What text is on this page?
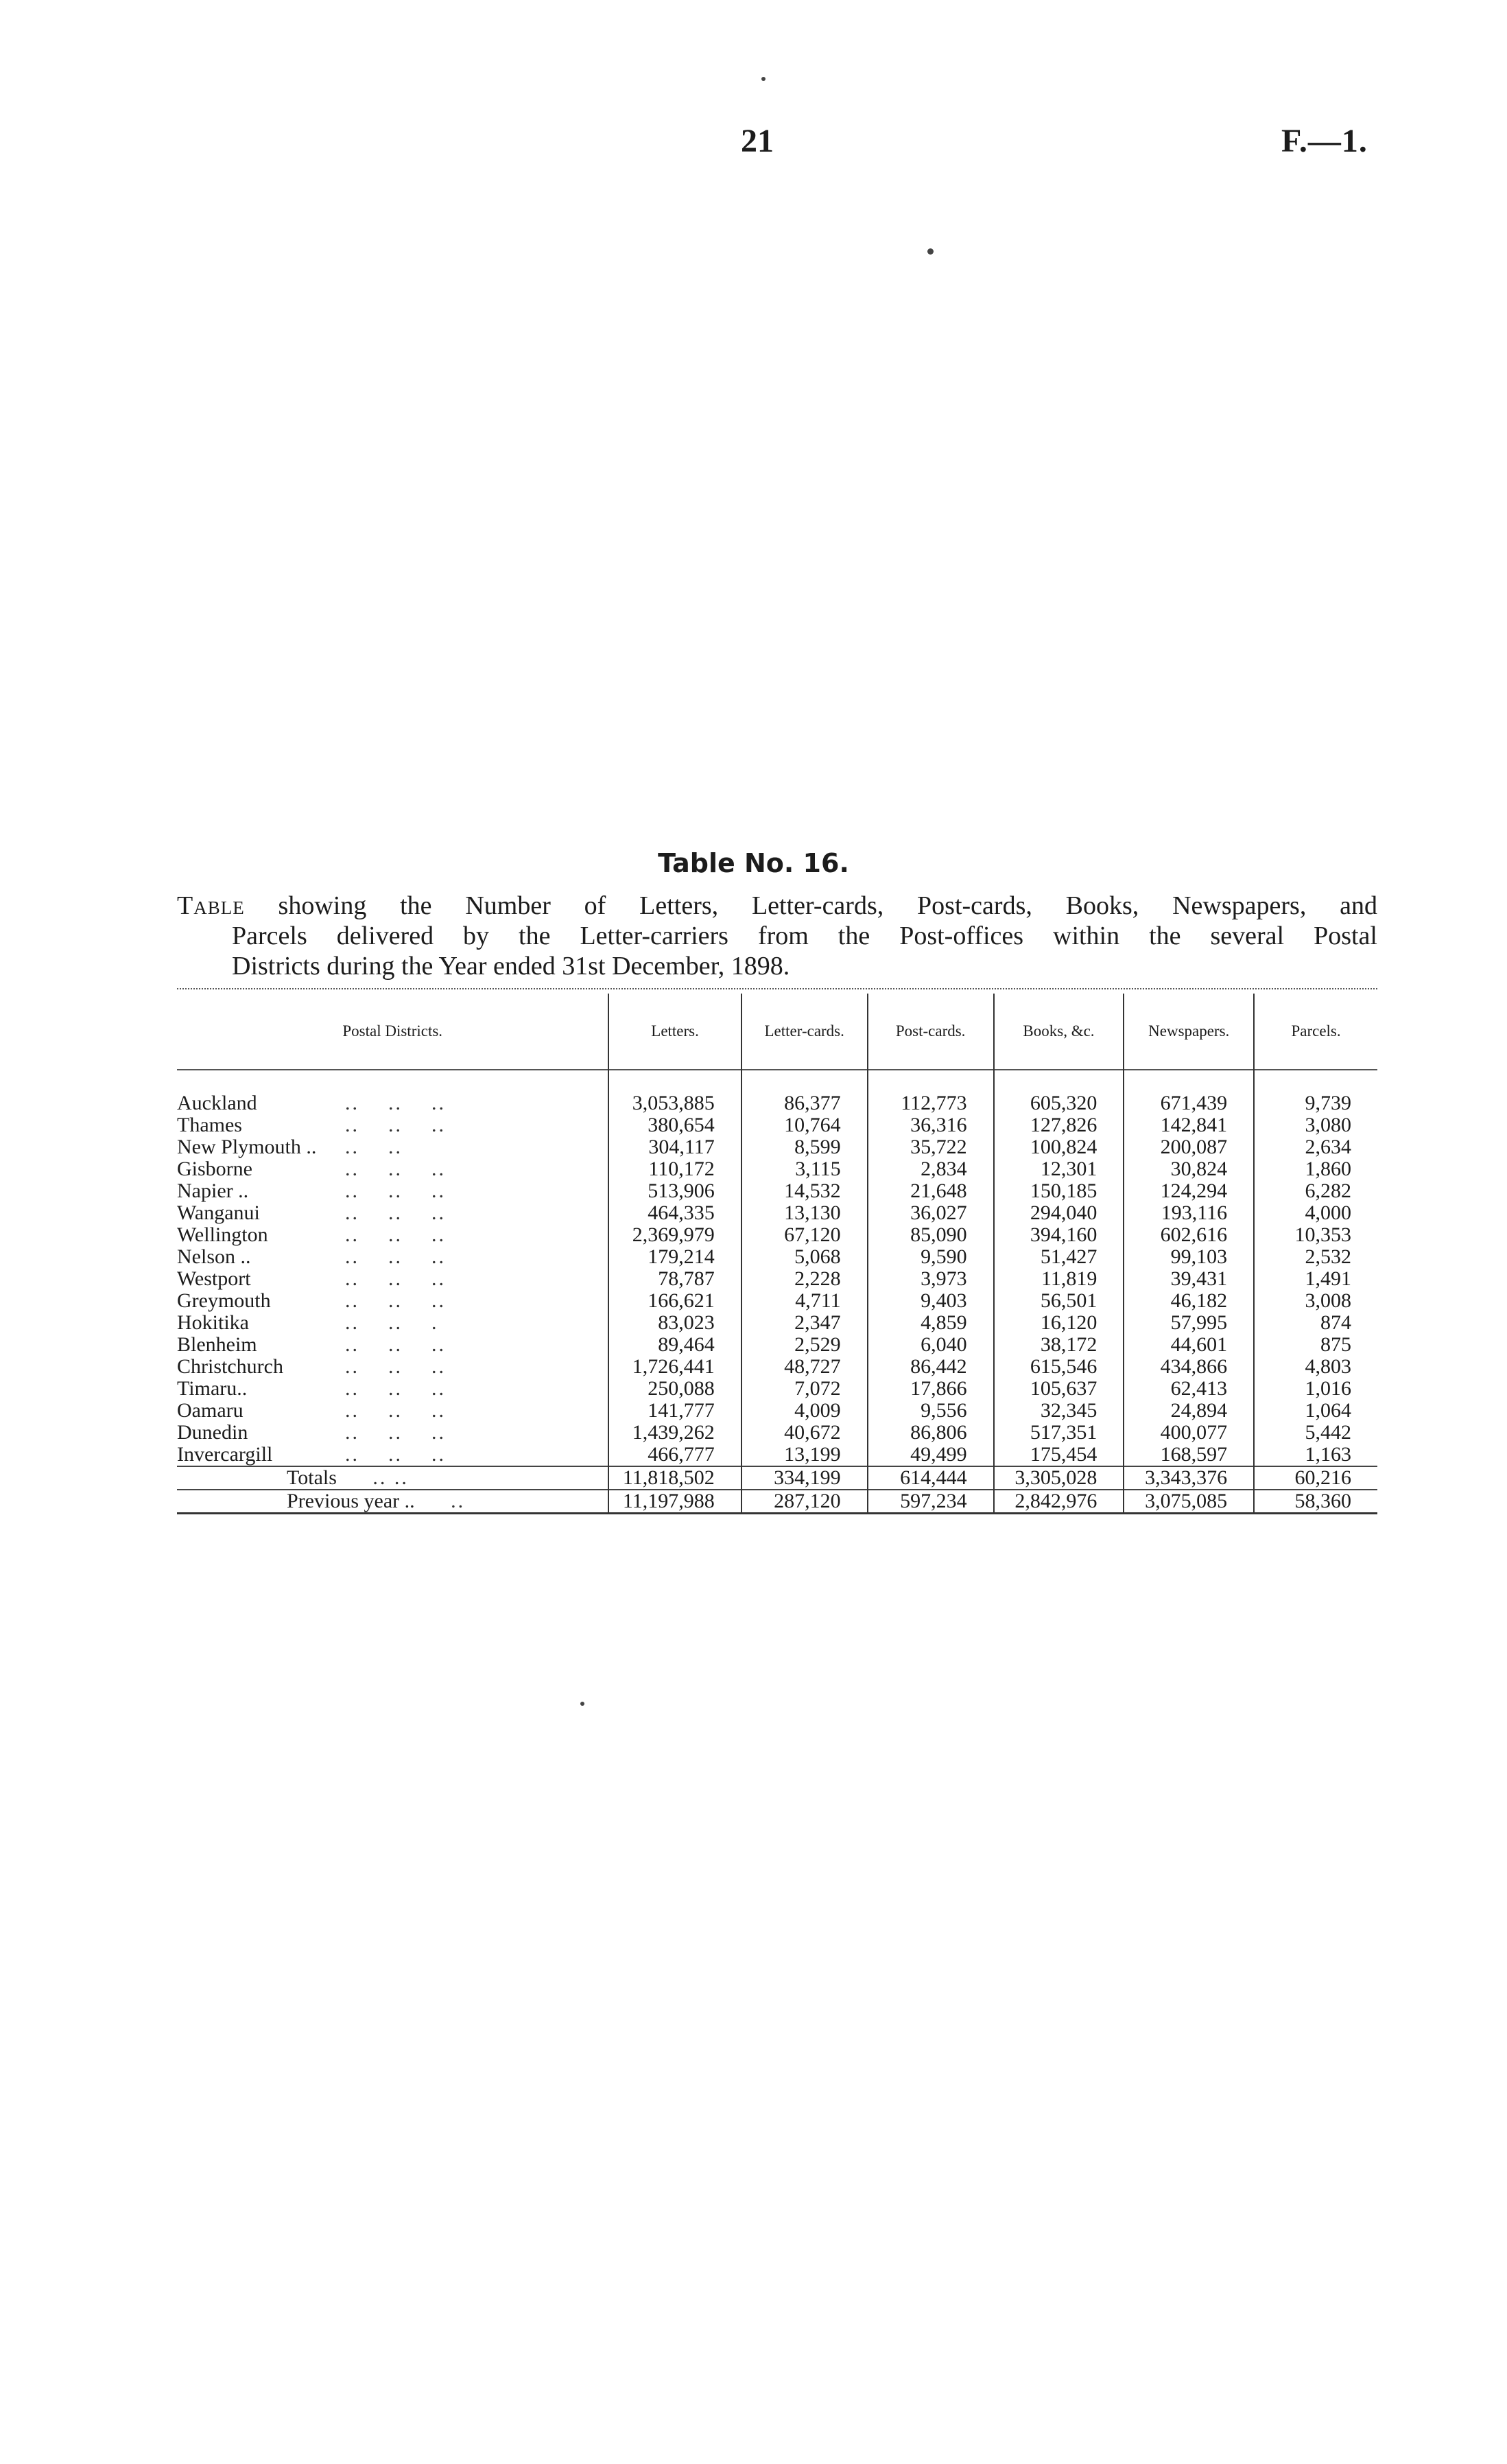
21	F.—1.
Table No. 16.
Table showing the Number of Letters, Letter-cards, Post-cards, Books, Newspapers, and
Parcels delivered by the Letter-carriers from the Post-offices within the several Postal
Districts during the Year ended 31st December, 1898.
Postal Districts.	Letters.	Letter-cards.	Post-cards.	Books, &c.	Newspapers.	Parcels.

Auckland ..    ..    ..	3,053,885	86,377	112,773	605,320	671,439	9,739

Thames ..    ..    ..	380,654	10,764	36,316	127,826	142,841	3,080

New Plymouth .. ..    ..	304,117	8,599	35,722	100,824	200,087	2,634

Gisborne ..    ..    ..	110,172	3,115	2,834	12,301	30,824	1,860

Napier .. ..    ..    ..	513,906	14,532	21,648	150,185	124,294	6,282

Wanganui ..    ..    ..	464,335	13,130	36,027	294,040	193,116	4,000

Wellington ..    ..    ..	2,369,979	67,120	85,090	394,160	602,616	10,353

Nelson .. ..    ..    ..	179,214	5,068	9,590	51,427	99,103	2,532

Westport ..    ..    ..	78,787	2,228	3,973	11,819	39,431	1,491

Greymouth ..    ..    ..	166,621	4,711	9,403	56,501	46,182	3,008

Hokitika ..    ..    .	83,023	2,347	4,859	16,120	57,995	874

Blenheim ..    ..    ..	89,464	2,529	6,040	38,172	44,601	875

Christchurch ..    ..    ..	1,726,441	48,727	86,442	615,546	434,866	4,803

Timaru.. ..    ..    ..	250,088	7,072	17,866	105,637	62,413	1,016

Oamaru ..    ..    ..	141,777	4,009	9,556	32,345	24,894	1,064

Dunedin ..    ..    ..	1,439,262	40,672	86,806	517,351	400,077	5,442

Invercargill ..    ..    ..	466,777	13,199	49,499	175,454	168,597	1,163
Totals .. ..	11,818,502	334,199	614,444	3,305,028	3,343,376	60,216
Previous year .. ..	11,197,988	287,120	597,234	2,842,976	3,075,085	58,360
